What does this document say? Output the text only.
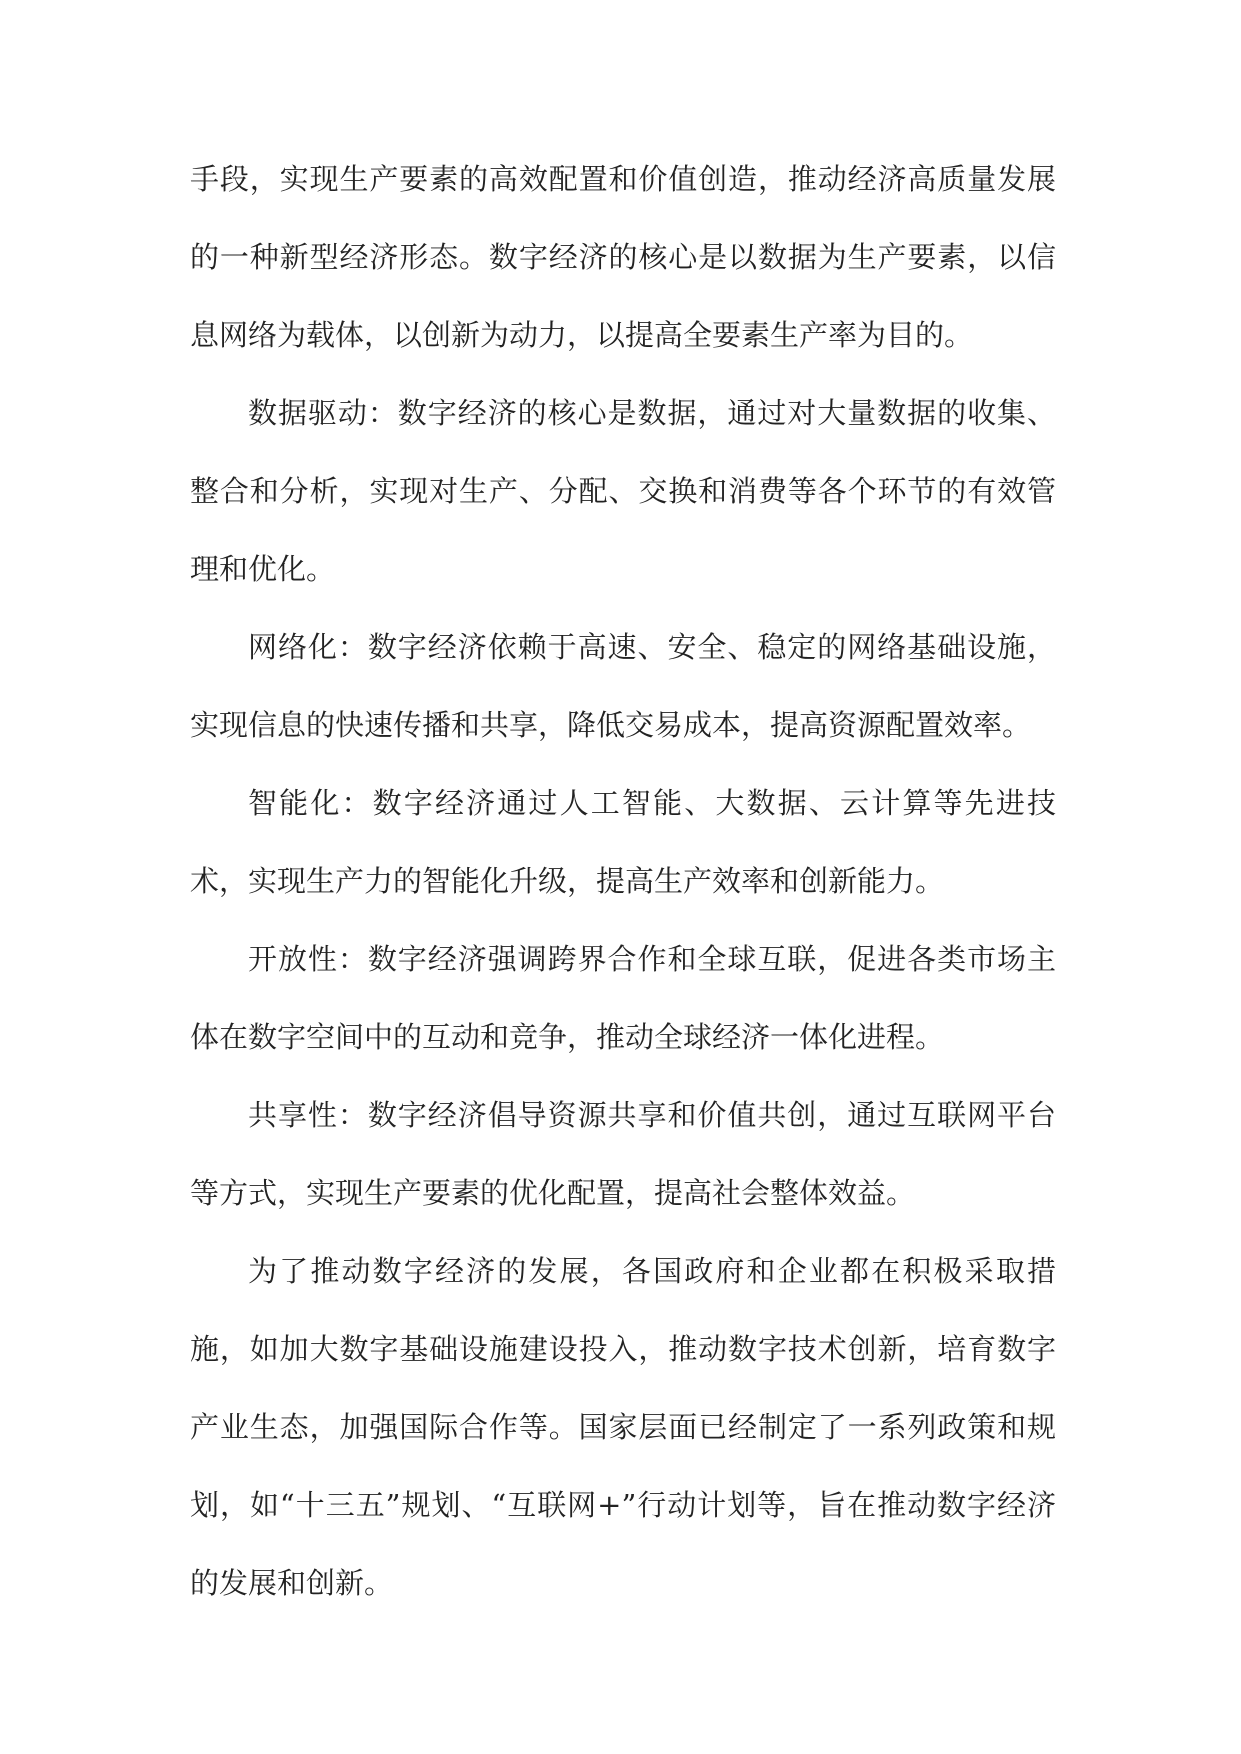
手段，实现生产要素的高效配置和价值创造，推动经济高质量发展的一种新型经济形态。数字经济的核心是以数据为生产要素，以信息网络为载体，以创新为动力，以提高全要素生产率为目的。

数据驱动：数字经济的核心是数据，通过对大量数据的收集、整合和分析，实现对生产、分配、交换和消费等各个环节的有效管理和优化。

网络化：数字经济依赖于高速、安全、稳定的网络基础设施，实现信息的快速传播和共享，降低交易成本，提高资源配置效率。

智能化：数字经济通过人工智能、大数据、云计算等先进技术，实现生产力的智能化升级，提高生产效率和创新能力。

开放性：数字经济强调跨界合作和全球互联，促进各类市场主体在数字空间中的互动和竞争，推动全球经济一体化进程。

共享性：数字经济倡导资源共享和价值共创，通过互联网平台等方式，实现生产要素的优化配置，提高社会整体效益。

为了推动数字经济的发展，各国政府和企业都在积极采取措施，如加大数字基础设施建设投入，推动数字技术创新，培育数字产业生态，加强国际合作等。国家层面已经制定了一系列政策和规划，如“十三五”规划、“互联网+”行动计划等，旨在推动数字经济的发展和创新。
